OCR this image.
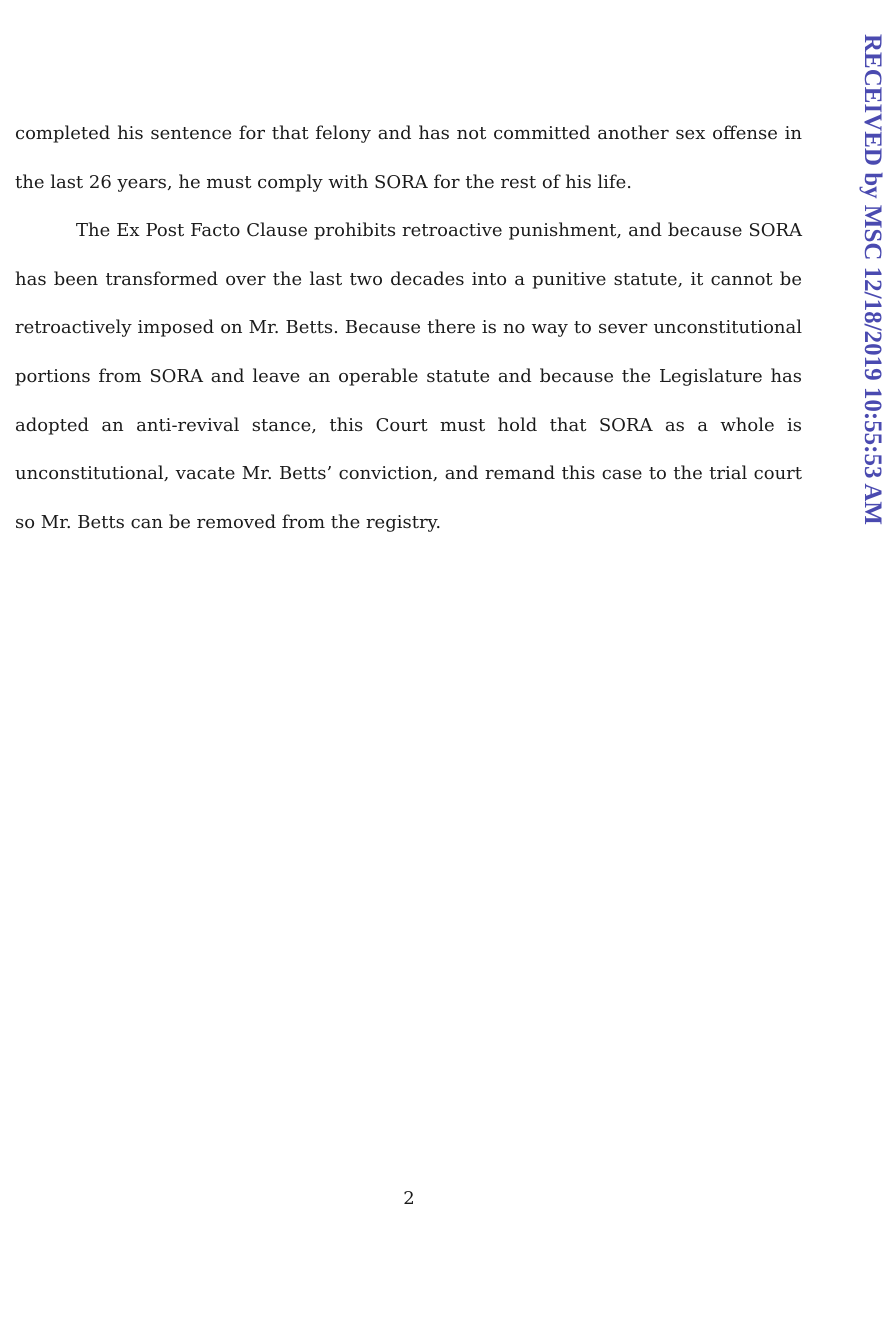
completed his sentence for that felony and has not committed another sex offense in the last 26 years, he must comply with SORA for the rest of his life.

The Ex Post Facto Clause prohibits retroactive punishment, and because SORA has been transformed over the last two decades into a punitive statute, it cannot be retroactively imposed on Mr. Betts. Because there is no way to sever unconstitutional portions from SORA and leave an operable statute and because the Legislature has adopted an anti-revival stance, this Court must hold that SORA as a whole is unconstitutional, vacate Mr. Betts’ conviction, and remand this case to the trial court so Mr. Betts can be removed from the registry.

2
RECEIVED by MSC 12/18/2019 10:55:53 AM
